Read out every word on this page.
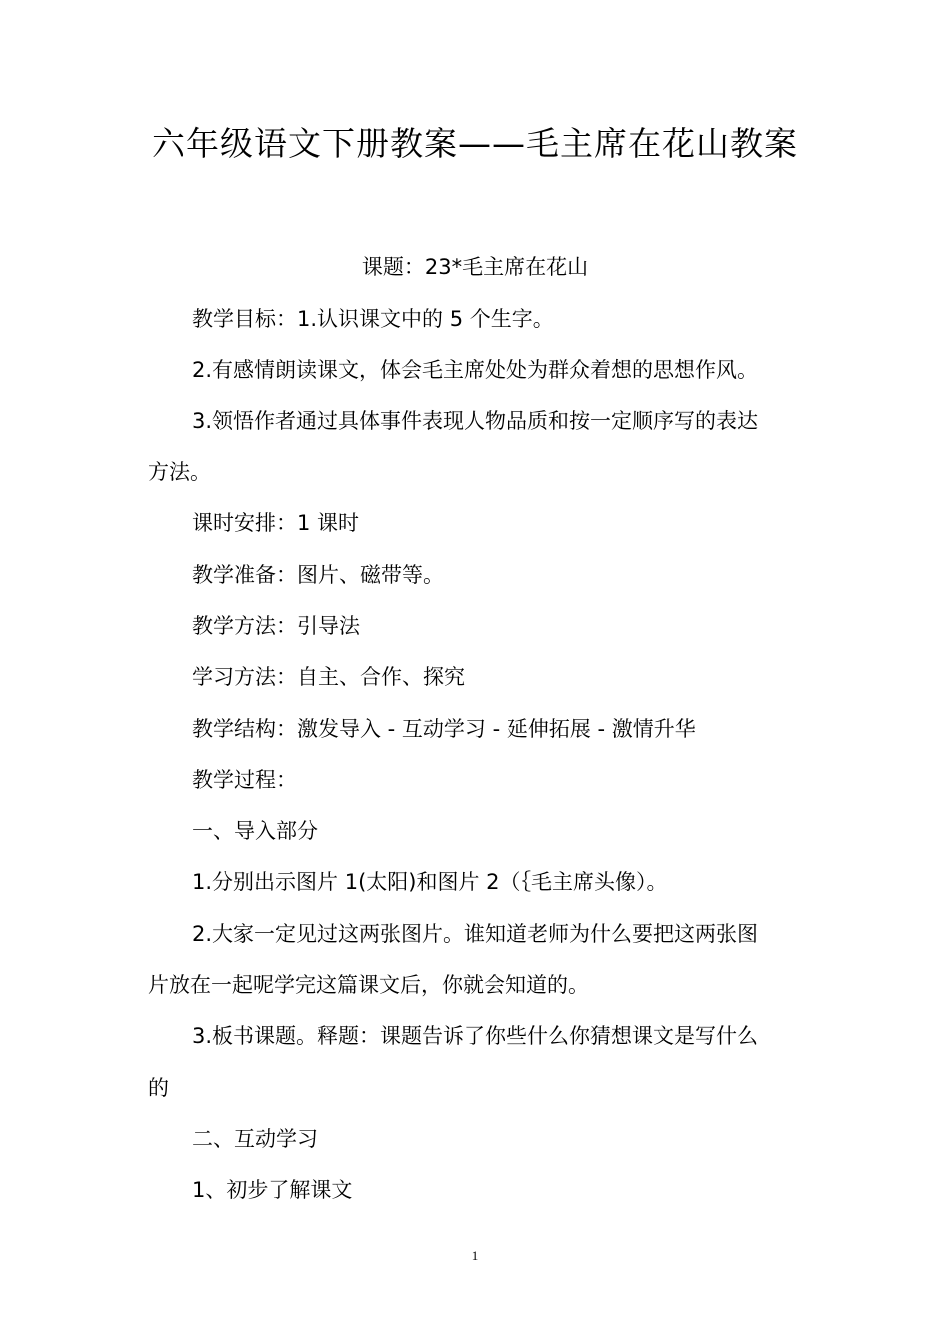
六年级语文下册教案——毛主席在花山教案
课题：23*毛主席在花山
教学目标：1.认识课文中的 5 个生字。
2.有感情朗读课文，体会毛主席处处为群众着想的思想作风。
3.领悟作者通过具体事件表现人物品质和按一定顺序写的表达
方法。
课时安排：1 课时
教学准备：图片、磁带等。
教学方法：引导法
学习方法：自主、合作、探究
教学结构：激发导入 - 互动学习 - 延伸拓展 - 激情升华
教学过程：
一、导入部分
1.分别出示图片 1(太阳)和图片 2（｛毛主席头像）。
2.大家一定见过这两张图片。谁知道老师为什么要把这两张图
片放在一起呢学完这篇课文后，你就会知道的。
3.板书课题。释题：课题告诉了你些什么你猜想课文是写什么
的
二、互动学习
1、初步了解课文
1
